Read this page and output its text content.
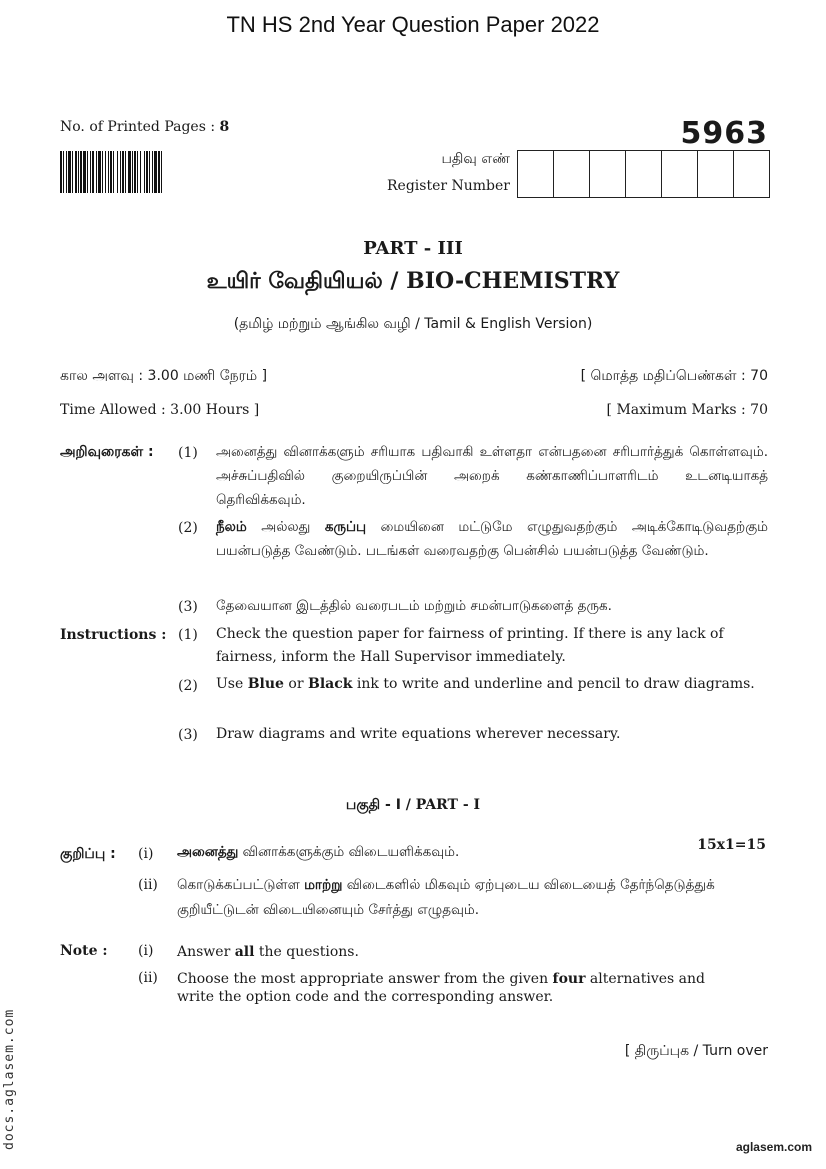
TN HS 2nd Year Question Paper 2022
No. of Printed Pages : 8	5963
பதிவு எண்
Register Number
PART - III
உயிர் வேதியியல் / BIO-CHEMISTRY
(தமிழ் மற்றும் ஆங்கில வழி / Tamil & English Version)
கால அளவு : 3.00 மணி நேரம் ]	[ மொத்த மதிப்பெண்கள் : 70
Time Allowed : 3.00 Hours ]	[ Maximum Marks : 70
அறிவுரைகள் : (1) அனைத்து வினாக்களும் சரியாக பதிவாகி உள்ளதா என்பதனை சரிபார்த்துக் கொள்ளவும். அச்சுப்பதிவில் குறையிருப்பின் அறைக் கண்காணிப்பாளரிடம் உடனடியாகத் தெரிவிக்கவும்.
(2) நீலம் அல்லது கருப்பு மையினை மட்டுமே எழுதுவதற்கும் அடிக்கோடிடுவதற்கும் பயன்படுத்த வேண்டும். படங்கள் வரைவதற்கு பென்சில் பயன்படுத்த வேண்டும்.
(3) தேவையான இடத்தில் வரைபடம் மற்றும் சமன்பாடுகளைத் தருக.
Instructions : (1) Check the question paper for fairness of printing. If there is any lack of fairness, inform the Hall Supervisor immediately.
(2) Use Blue or Black ink to write and underline and pencil to draw diagrams.
(3) Draw diagrams and write equations wherever necessary.
பகுதி - I / PART - I
15x1=15
குறிப்பு : (i) அனைத்து வினாக்களுக்கும் விடையளிக்கவும்.
(ii) கொடுக்கப்பட்டுள்ள மாற்று விடைகளில் மிகவும் ஏற்புடைய விடையைத் தேர்ந்தெடுத்துக் குறியீட்டுடன் விடையினையும் சேர்த்து எழுதவும்.
Note : (i) Answer all the questions.
(ii) Choose the most appropriate answer from the given four alternatives and write the option code and the corresponding answer.
[ திருப்புக / Turn over
aglasem.com
docs.aglasem.com
